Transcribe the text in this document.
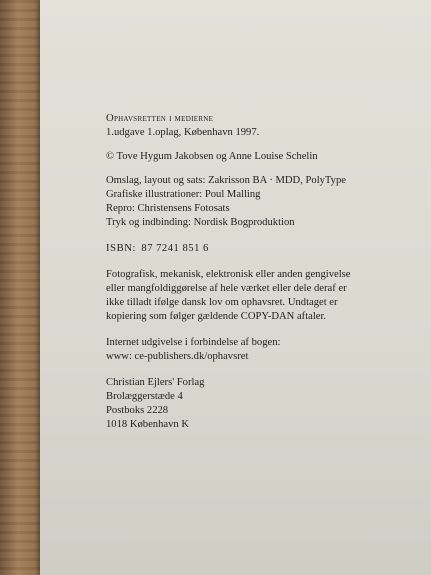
Ophavsretten i medierne
1.udgave 1.oplag, København 1997.
© Tove Hygum Jakobsen og Anne Louise Schelin
Omslag, layout og sats: Zakrisson BA · MDD, PolyType
Grafiske illustrationer: Poul Malling
Repro: Christensens Fotosats
Tryk og indbinding: Nordisk Bogproduktion
ISBN: 87 7241 851 6
Fotografisk, mekanisk, elektronisk eller anden gengivelse
eller mangfoldiggørelse af hele værket eller dele deraf er
ikke tilladt ifølge dansk lov om ophavsret. Undtaget er
kopiering som følger gældende COPY-DAN aftaler.
Internet udgivelse i forbindelse af bogen:
www: ce-publishers.dk/ophavsret
Christian Ejlers' Forlag
Brolæggerstæde 4
Postboks 2228
1018 København K
